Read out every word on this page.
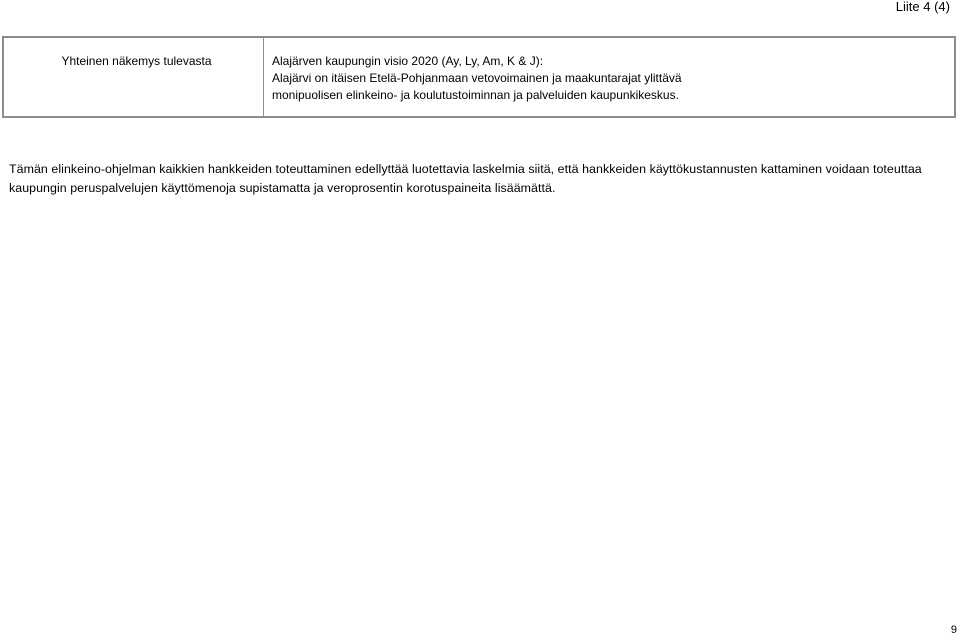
Liite 4 (4)
Yhteinen näkemys tulevasta	Alajärven kaupungin visio 2020 (Ay, Ly, Am, K & J):
Alajärvi on itäisen Etelä-Pohjanmaan vetovoimainen ja maakuntarajat ylittävä
monipuolisen elinkeino- ja koulutustoiminnan ja palveluiden kaupunkikeskus.
Tämän elinkeino-ohjelman kaikkien hankkeiden toteuttaminen edellyttää luotettavia laskelmia siitä, että hankkeiden käyttökustannusten kattaminen voidaan toteuttaa kaupungin peruspalvelujen käyttömenoja supistamatta ja veroprosentin korotuspaineita lisäämättä.
9
